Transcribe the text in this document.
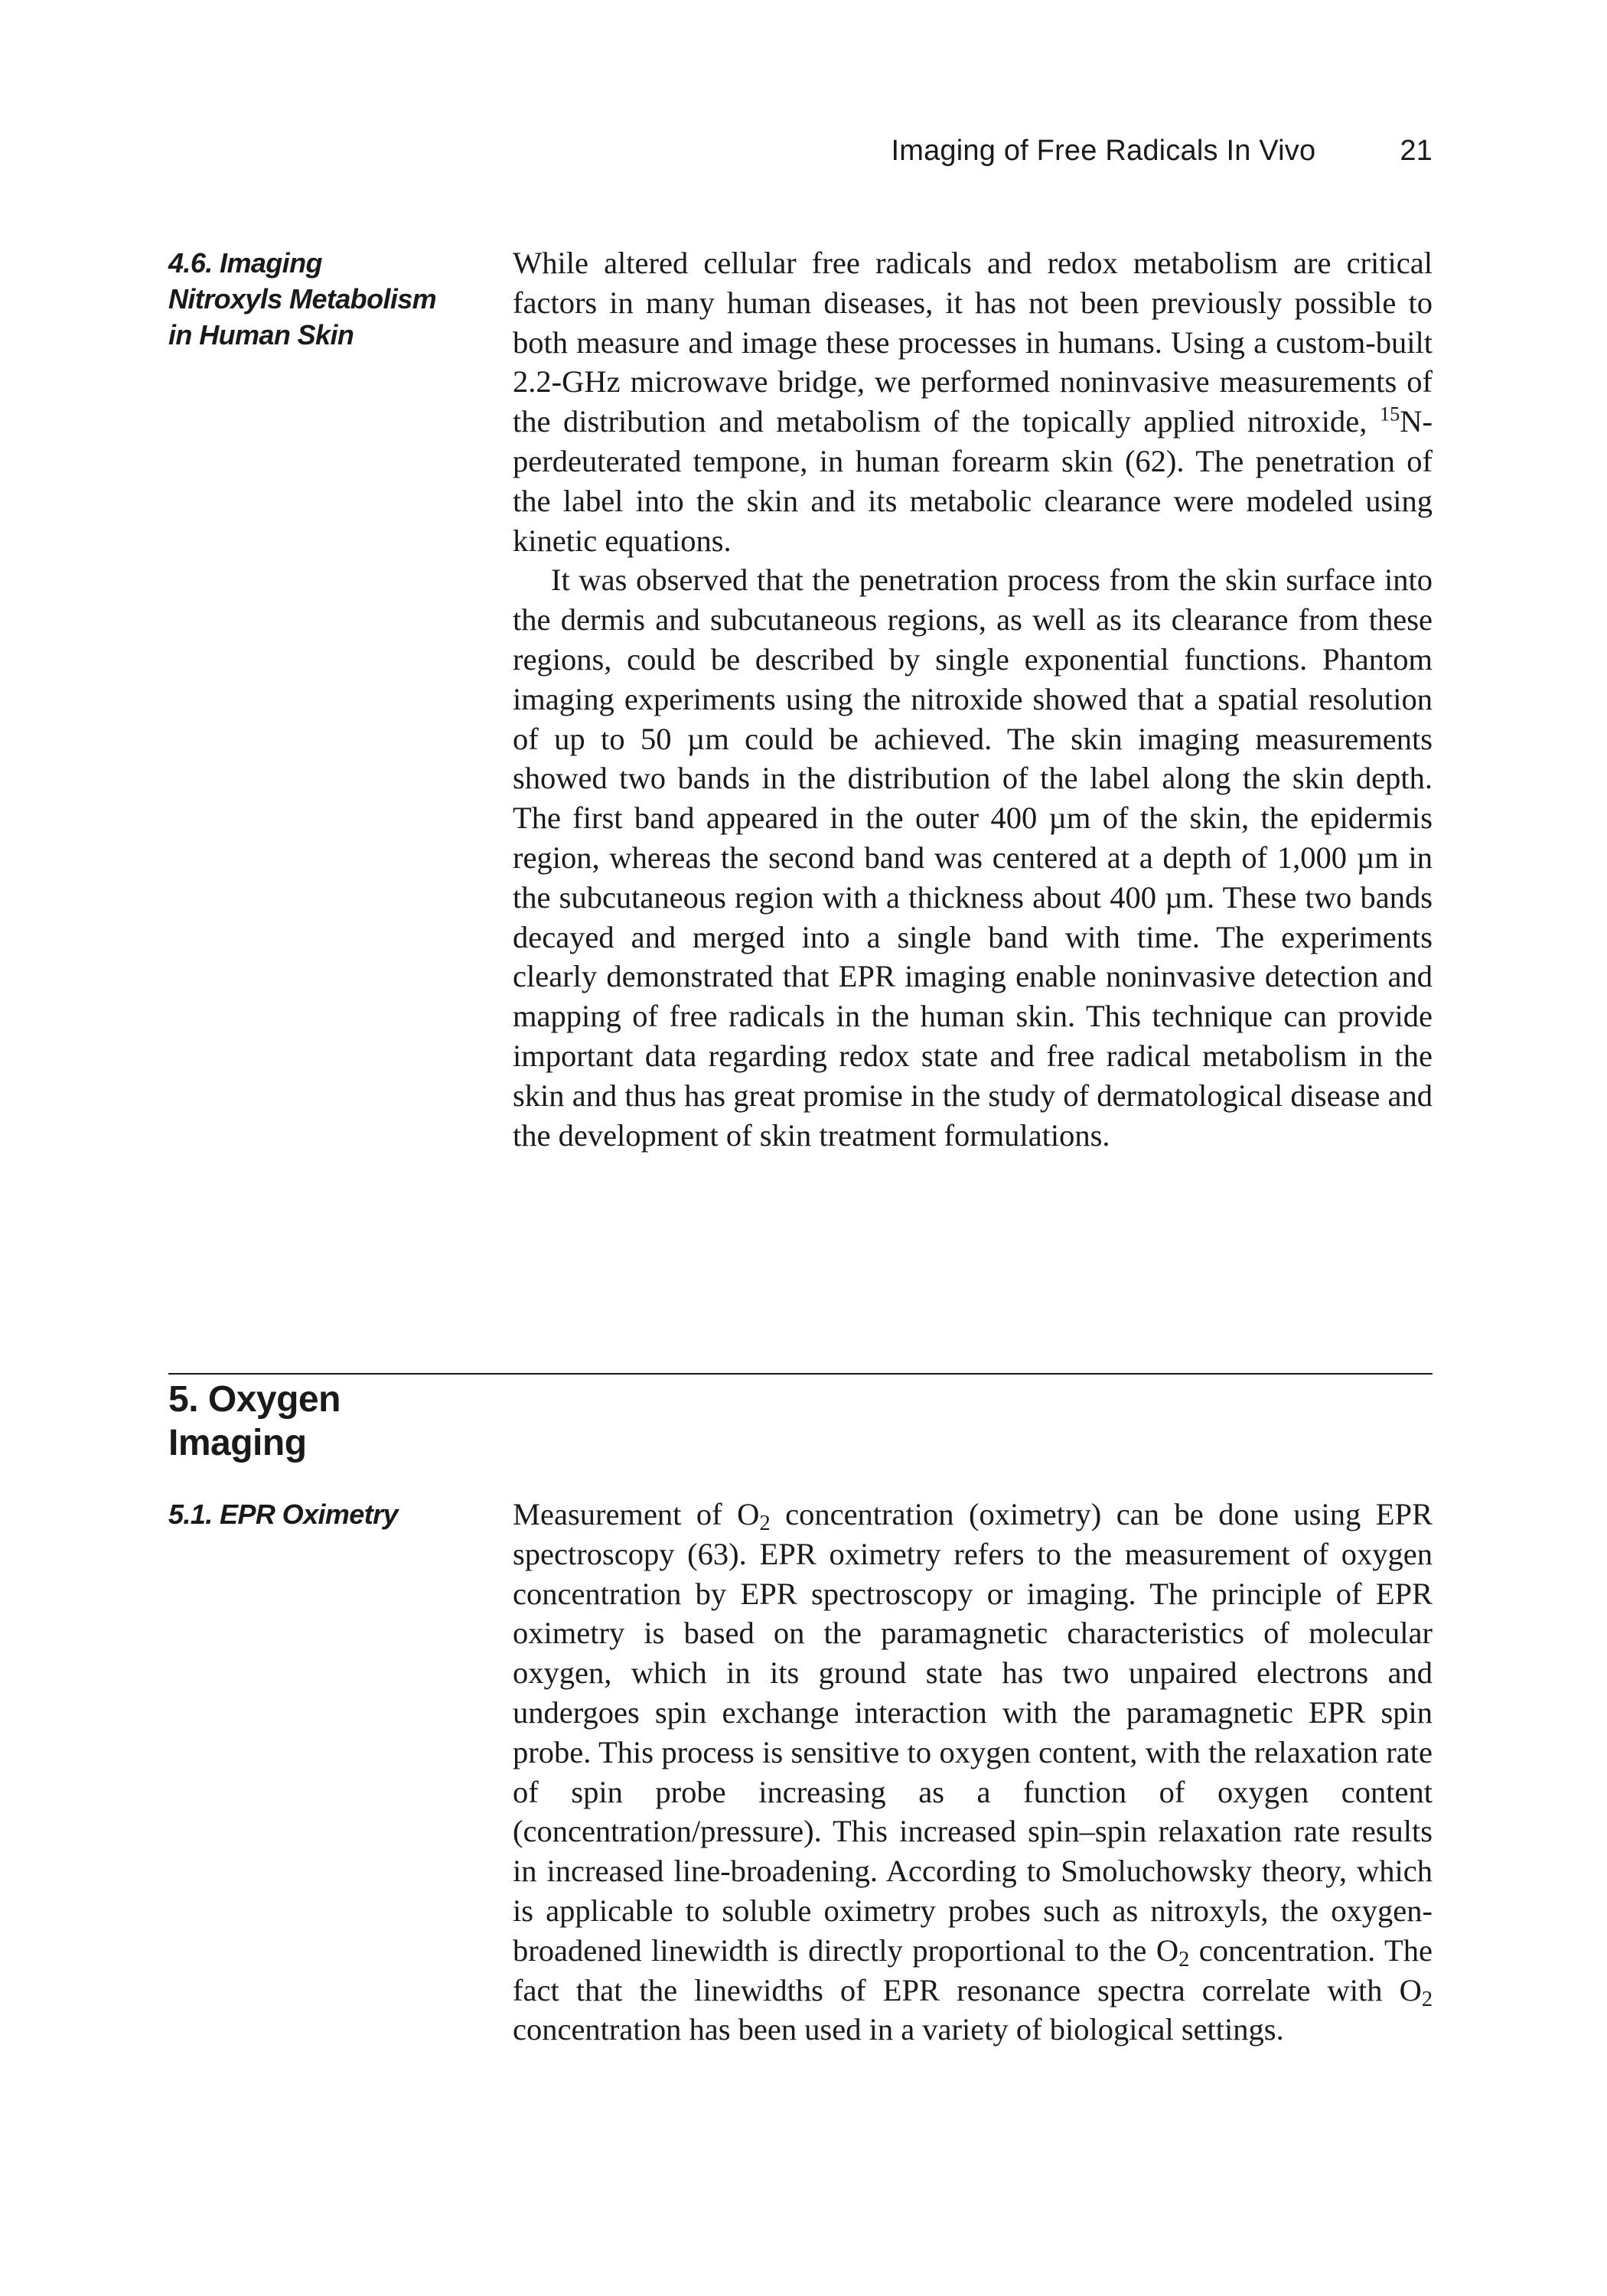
Imaging of Free Radicals In Vivo	21
4.6. Imaging
Nitroxyls Metabolism
in Human Skin

While altered cellular free radicals and redox metabolism are critical factors in many human diseases, it has not been previously possible to both measure and image these processes in humans. Using a custom-built 2.2-GHz microwave bridge, we performed noninvasive measurements of the distribution and metabolism of the topically applied nitroxide, $^{15}$N-perdeuterated tempone, in human forearm skin (62). The penetration of the label into the skin and its metabolic clearance were modeled using kinetic equations.

It was observed that the penetration process from the skin surface into the dermis and subcutaneous regions, as well as its clearance from these regions, could be described by single exponential functions. Phantom imaging experiments using the nitroxide showed that a spatial resolution of up to 50 µm could be achieved. The skin imaging measurements showed two bands in the distribution of the label along the skin depth. The first band appeared in the outer 400 µm of the skin, the epidermis region, whereas the second band was centered at a depth of 1,000 µm in the subcutaneous region with a thickness about 400 µm. These two bands decayed and merged into a single band with time. The experiments clearly demonstrated that EPR imaging enable noninvasive detection and mapping of free radicals in the human skin. This technique can provide important data regarding redox state and free radical metabolism in the skin and thus has great promise in the study of dermatological disease and the development of skin treatment formulations.

5. Oxygen
Imaging
5.1. EPR Oximetry	Measurement of $O_2$ concentration (oximetry) can be done using EPR spectroscopy (63). EPR oximetry refers to the measurement of oxygen concentration by EPR spectroscopy or imaging. The principle of EPR oximetry is based on the paramagnetic characteristics of molecular oxygen, which in its ground state has two unpaired electrons and undergoes spin exchange interaction with the paramagnetic EPR spin probe. This process is sensitive to oxygen content, with the relaxation rate of spin probe increasing as a function of oxygen content (concentration/pressure). This increased spin–spin relaxation rate results in increased line-broadening. According to Smoluchowsky theory, which is applicable to soluble oximetry probes such as nitroxyls, the oxygen-broadened linewidth is directly proportional to the $O_2$ concentration. The fact that the linewidths of EPR resonance spectra correlate with $O_2$ concentration has been used in a variety of biological settings.
